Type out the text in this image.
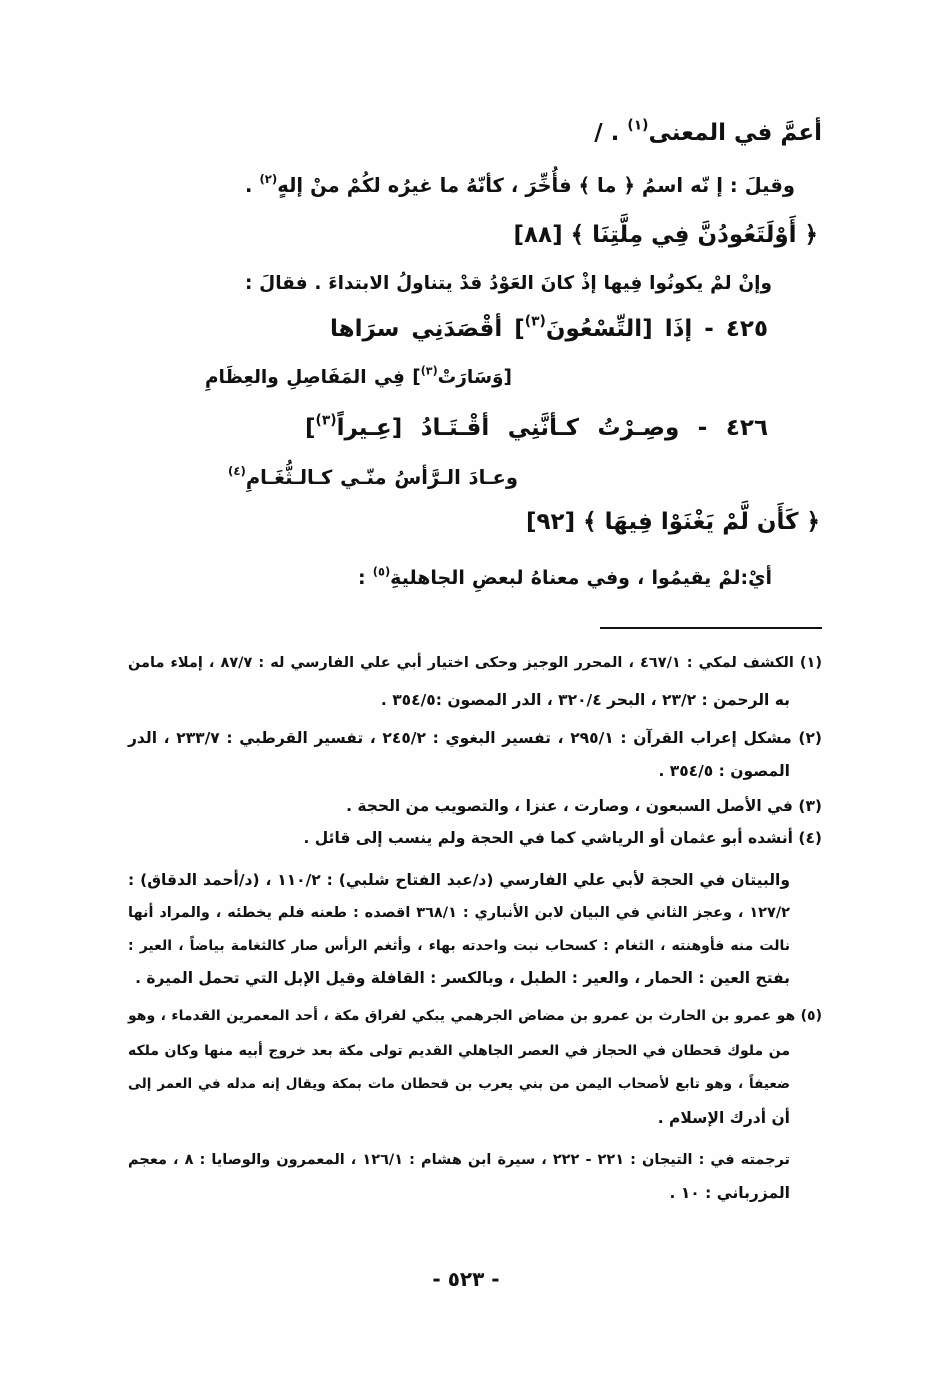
أعمَّ في المعنى$^{(١)}$ . /
وقيلَ : إ نّه اسمُ ﴿ ما ﴾ فأُخِّرَ ، كأنّهُ ما غيرُه لكُمْ منْ إلهٍ$^{(٢)}$ .
﴿ أَوْلَتَعُودُنَّ فِي مِلَّتِنَا ﴾ [٨٨]
وإنْ لمْ يكونُوا فِيها إذْ كانَ العَوْدُ قدْ يتناولُ الابتداءَ . فقالَ :
٤٢٥ - إذَا [التِّسْعُونَ$^{(٣)}$] أقْصَدَنِي سرَاها
[وَسَارَتْ$^{(٣)}$] فِي المَفَاصِلِ والعِظَامِ
٤٢٦ - وصِـرْتُ كـأنَّنِي أقْـتَـادُ [عِـيراً$^{(٣)}$]
وعـادَ الـرَّأسُ منّـي كـالـثُّغَـامِ$^{(٤)}$
﴿ كَأَن لَّمْ يَغْنَوْا فِيهَا ﴾ [٩٢]
أيْ:لمْ يقيمُوا ، وفي معناهُ لبعضِ الجاهليةِ$^{(٥)}$ :
(١) الكشف لمكي : ٤٦٧/١ ، المحرر الوجيز وحكى اختيار أبي علي الفارسي له : ٨٧/٧ ، إملاء مامن
به الرحمن : ٢٣/٢ ، البحر ٣٢٠/٤ ، الدر المصون :٣٥٤/٥ .
(٢) مشكل إعراب القرآن : ٢٩٥/١ ، تفسير البغوي : ٢٤٥/٢ ، تفسير القرطبي : ٢٣٣/٧ ، الدر
المصون : ٣٥٤/٥ .
(٣) في الأصل السبعون ، وصارت ، عنزا ، والتصويب من الحجة .
(٤) أنشده أبو عثمان أو الرياشي كما في الحجة ولم ينسب إلى قائل .
والبيتان في الحجة لأبي علي الفارسي (د/عبد الفتاح شلبي) : ١١٠/٢ ، (د/أحمد الدقاق) :
١٢٧/٢ ، وعجز الثاني في البيان لابن الأنباري : ٣٦٨/١ اقصده : طعنه فلم يخطئه ، والمراد أنها
نالت منه فأوهنته ، الثغام : كسحاب نبت واحدته بهاء ، وأثغم الرأس صار كالثغامة بياضاً ، العير :
بفتح العين : الحمار ، والعير : الطبل ، وبالكسر : القافلة وقيل الإبل التي تحمل الميرة .
(٥) هو عمرو بن الحارث بن عمرو بن مضاض الجرهمي يبكي لفراق مكة ، أحد المعمرين القدماء ، وهو
من ملوك قحطان في الحجاز في العصر الجاهلي القديم تولى مكة بعد خروج أبيه منها وكان ملكه
ضعيفاً ، وهو تابع لأصحاب اليمن من بني يعرب بن قحطان مات بمكة ويقال إنه مدله في العمر إلى
أن أدرك الإسلام .
ترجمته في : التيجان : ٢٢١ - ٢٢٢ ، سيرة ابن هشام : ١٢٦/١ ، المعمرون والوصايا : ٨ ، معجم
المزرباني : ١٠ .
- ٥٢٣ -
